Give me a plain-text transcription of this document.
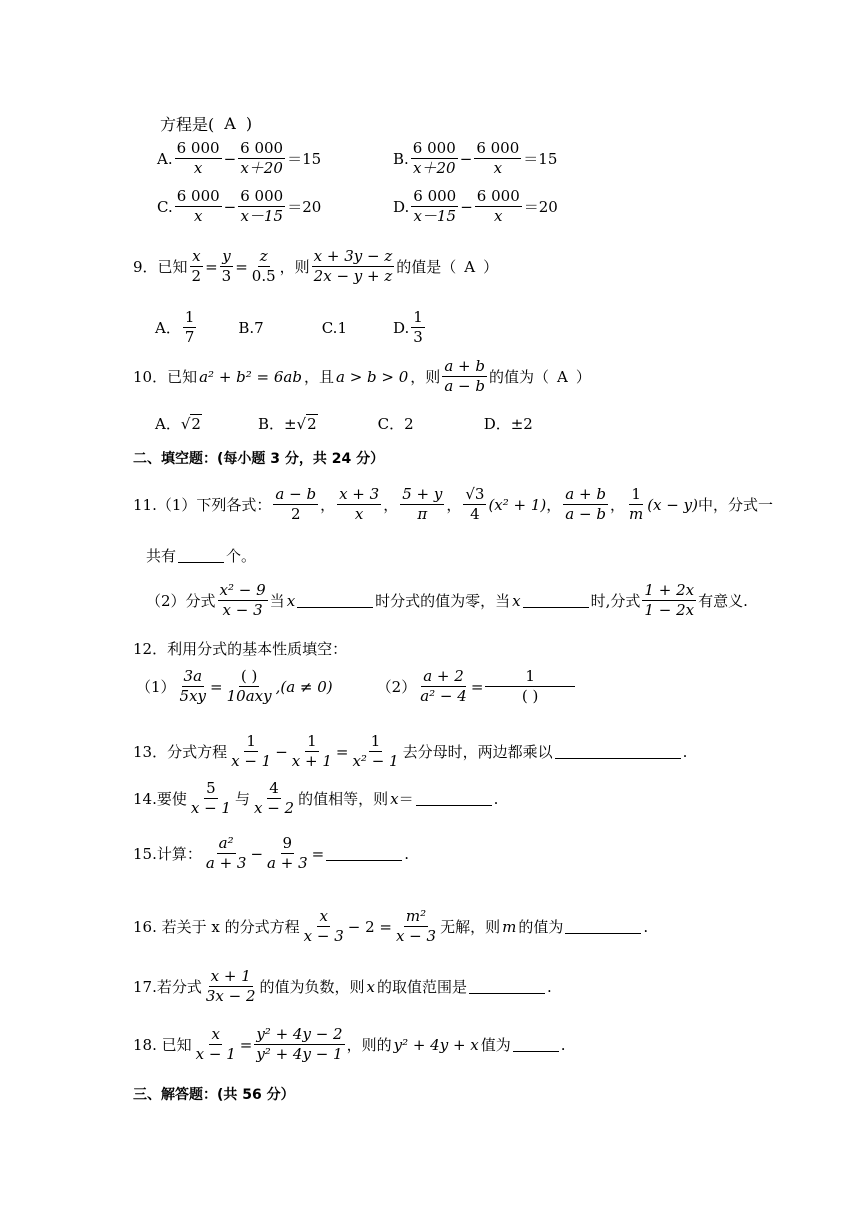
方程是( A )
A.
6 000
x
− $\frac{6 000}{x+20} =15$	B.
6 000
x＋20
− $\frac{6 000}{x} =15$
C.
6 000
x
− $\frac{6 000}{x-15} =20$	D.
6 000
x－15
− $\frac{6 000}{x} =20$
9．已知 $\frac{x}{2} = \frac{y}{3} = \frac{z}{0.5}$ ，则
x + 3y − z
2x − y + z 的值是（ A ）
A．
1
7
B.7	C.1	D.
1
3
10．已知 a² + b² = 6ab ，且 a > b > 0 ，则
a + b
a − b 的值为（ A ）
A． √ 2	B．± √ 2	C．2	D．±2
二、填空题：(每小题 3 分，共 24 分）
11.（1）下列各式：
a − b
2 ，
x + 3
x ，
5 + y
π ，
√3
4
(x² + 1) ，
a + b
a − b ，
1
m
(x − y) 中，分式一
共有	个。
（2）分式
x² − 9
x − 3 当 x	时分式的值为零，当 x	时,分式
1 + 2x
1 − 2x 有意义.
12．利用分式的基本性质填空：
$(1) \frac{3a}{5xy}$ =
( )
10axy
,(a ≠ 0)	$(2) \frac{a + 2}{\text{a² − 4}}$ =
1
( )
13．分式方程
1
x − 1
− $\frac{1}{x + 1} = \frac{1}{\text{x² − 1}}$ 去分母时，两边都乘以	.
14.要使
5
x − 1 与
4
x − 2 的值相等，则 x ＝	.
15.计算：
a²
a + 3
− $\frac{9}{a + 3}$ =	.
16. 若关于 x 的分式方程
x
x − 3
− $2 = \frac{\text{m²}}{x - 3}$ 无解，则 m 的值为	.
17.若分式
x + 1
3x − 2 的值为负数，则 x 的取值范围是	.
18. 已知 $\frac{x}{x - 1} = \frac{\text{y² + 4y − 2}}{\text{y² + 4y − 1}}$ ，则的 y² + 4y + x 值为	.
三、解答题：(共 56 分）
